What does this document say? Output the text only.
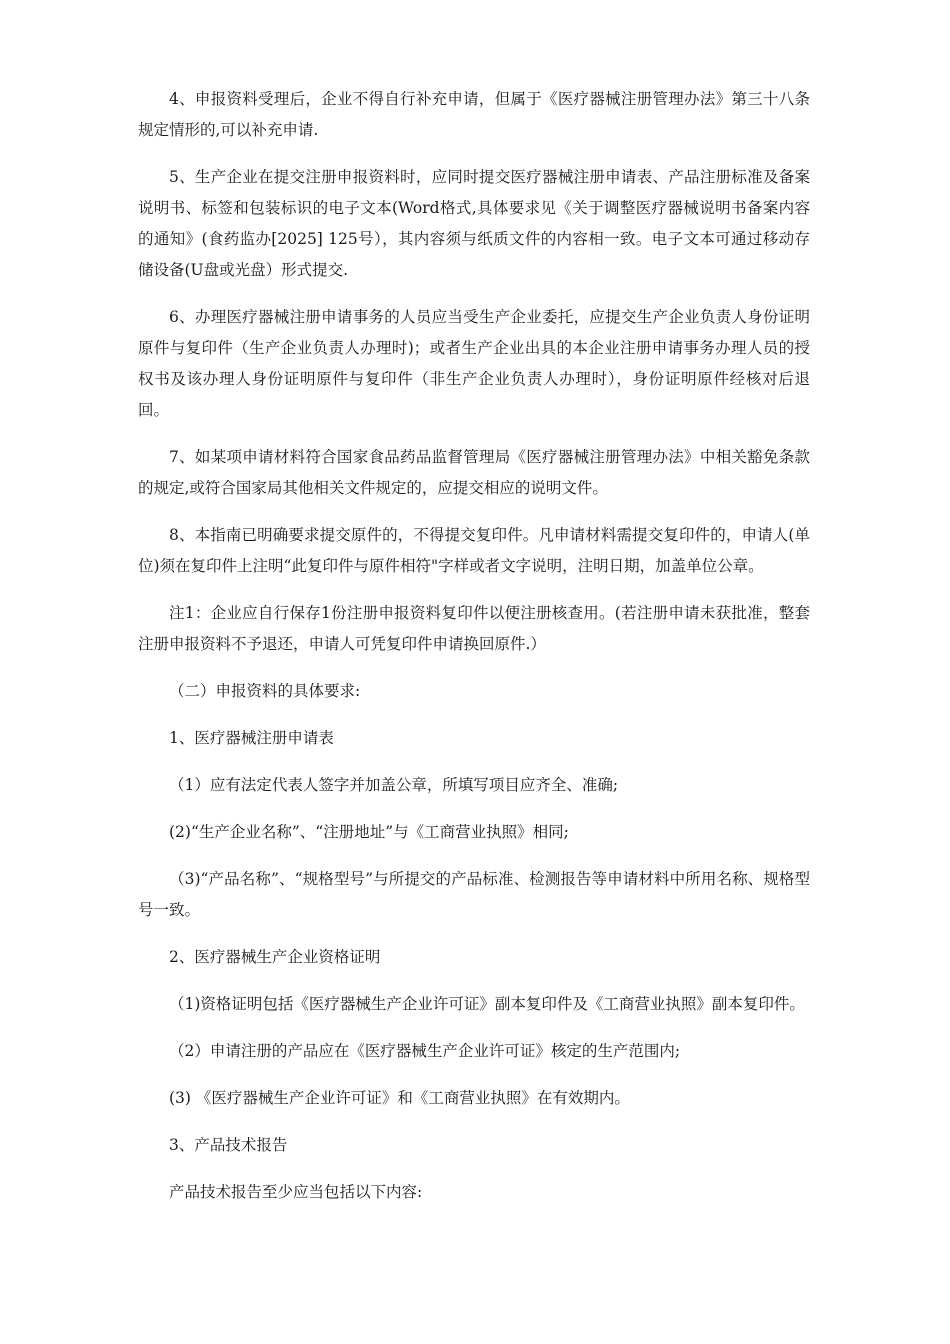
4、申报资料受理后，企业不得自行补充申请，但属于《医疗器械注册管理办法》第三十八条规定情形的,可以补充申请.

5、生产企业在提交注册申报资料时，应同时提交医疗器械注册申请表、产品注册标准及备案说明书、标签和包装标识的电子文本(Word格式,具体要求见《关于调整医疗器械说明书备案内容的通知》(食药监办[2025] 125号），其内容须与纸质文件的内容相一致。电子文本可通过移动存储设备(U盘或光盘）形式提交.

6、办理医疗器械注册申请事务的人员应当受生产企业委托，应提交生产企业负责人身份证明原件与复印件（生产企业负责人办理时)；或者生产企业出具的本企业注册申请事务办理人员的授权书及该办理人身份证明原件与复印件（非生产企业负责人办理时），身份证明原件经核对后退回。

7、如某项申请材料符合国家食品药品监督管理局《医疗器械注册管理办法》中相关豁免条款的规定,或符合国家局其他相关文件规定的，应提交相应的说明文件。

8、本指南已明确要求提交原件的，不得提交复印件。凡申请材料需提交复印件的，申请人(单位)须在复印件上注明“此复印件与原件相符"字样或者文字说明，注明日期，加盖单位公章。

注1：企业应自行保存1份注册申报资料复印件以便注册核查用。(若注册申请未获批准，整套注册申报资料不予退还，申请人可凭复印件申请换回原件.）

（二）申报资料的具体要求:

1、医疗器械注册申请表

（1）应有法定代表人签字并加盖公章，所填写项目应齐全、准确;

(2)“生产企业名称”、“注册地址”与《工商营业执照》相同;

（3)“产品名称”、“规格型号”与所提交的产品标准、检测报告等申请材料中所用名称、规格型号一致。

2、医疗器械生产企业资格证明

（1)资格证明包括《医疗器械生产企业许可证》副本复印件及《工商营业执照》副本复印件。

（2）申请注册的产品应在《医疗器械生产企业许可证》核定的生产范围内;

(3) 《医疗器械生产企业许可证》和《工商营业执照》在有效期内。

3、产品技术报告

产品技术报告至少应当包括以下内容:
